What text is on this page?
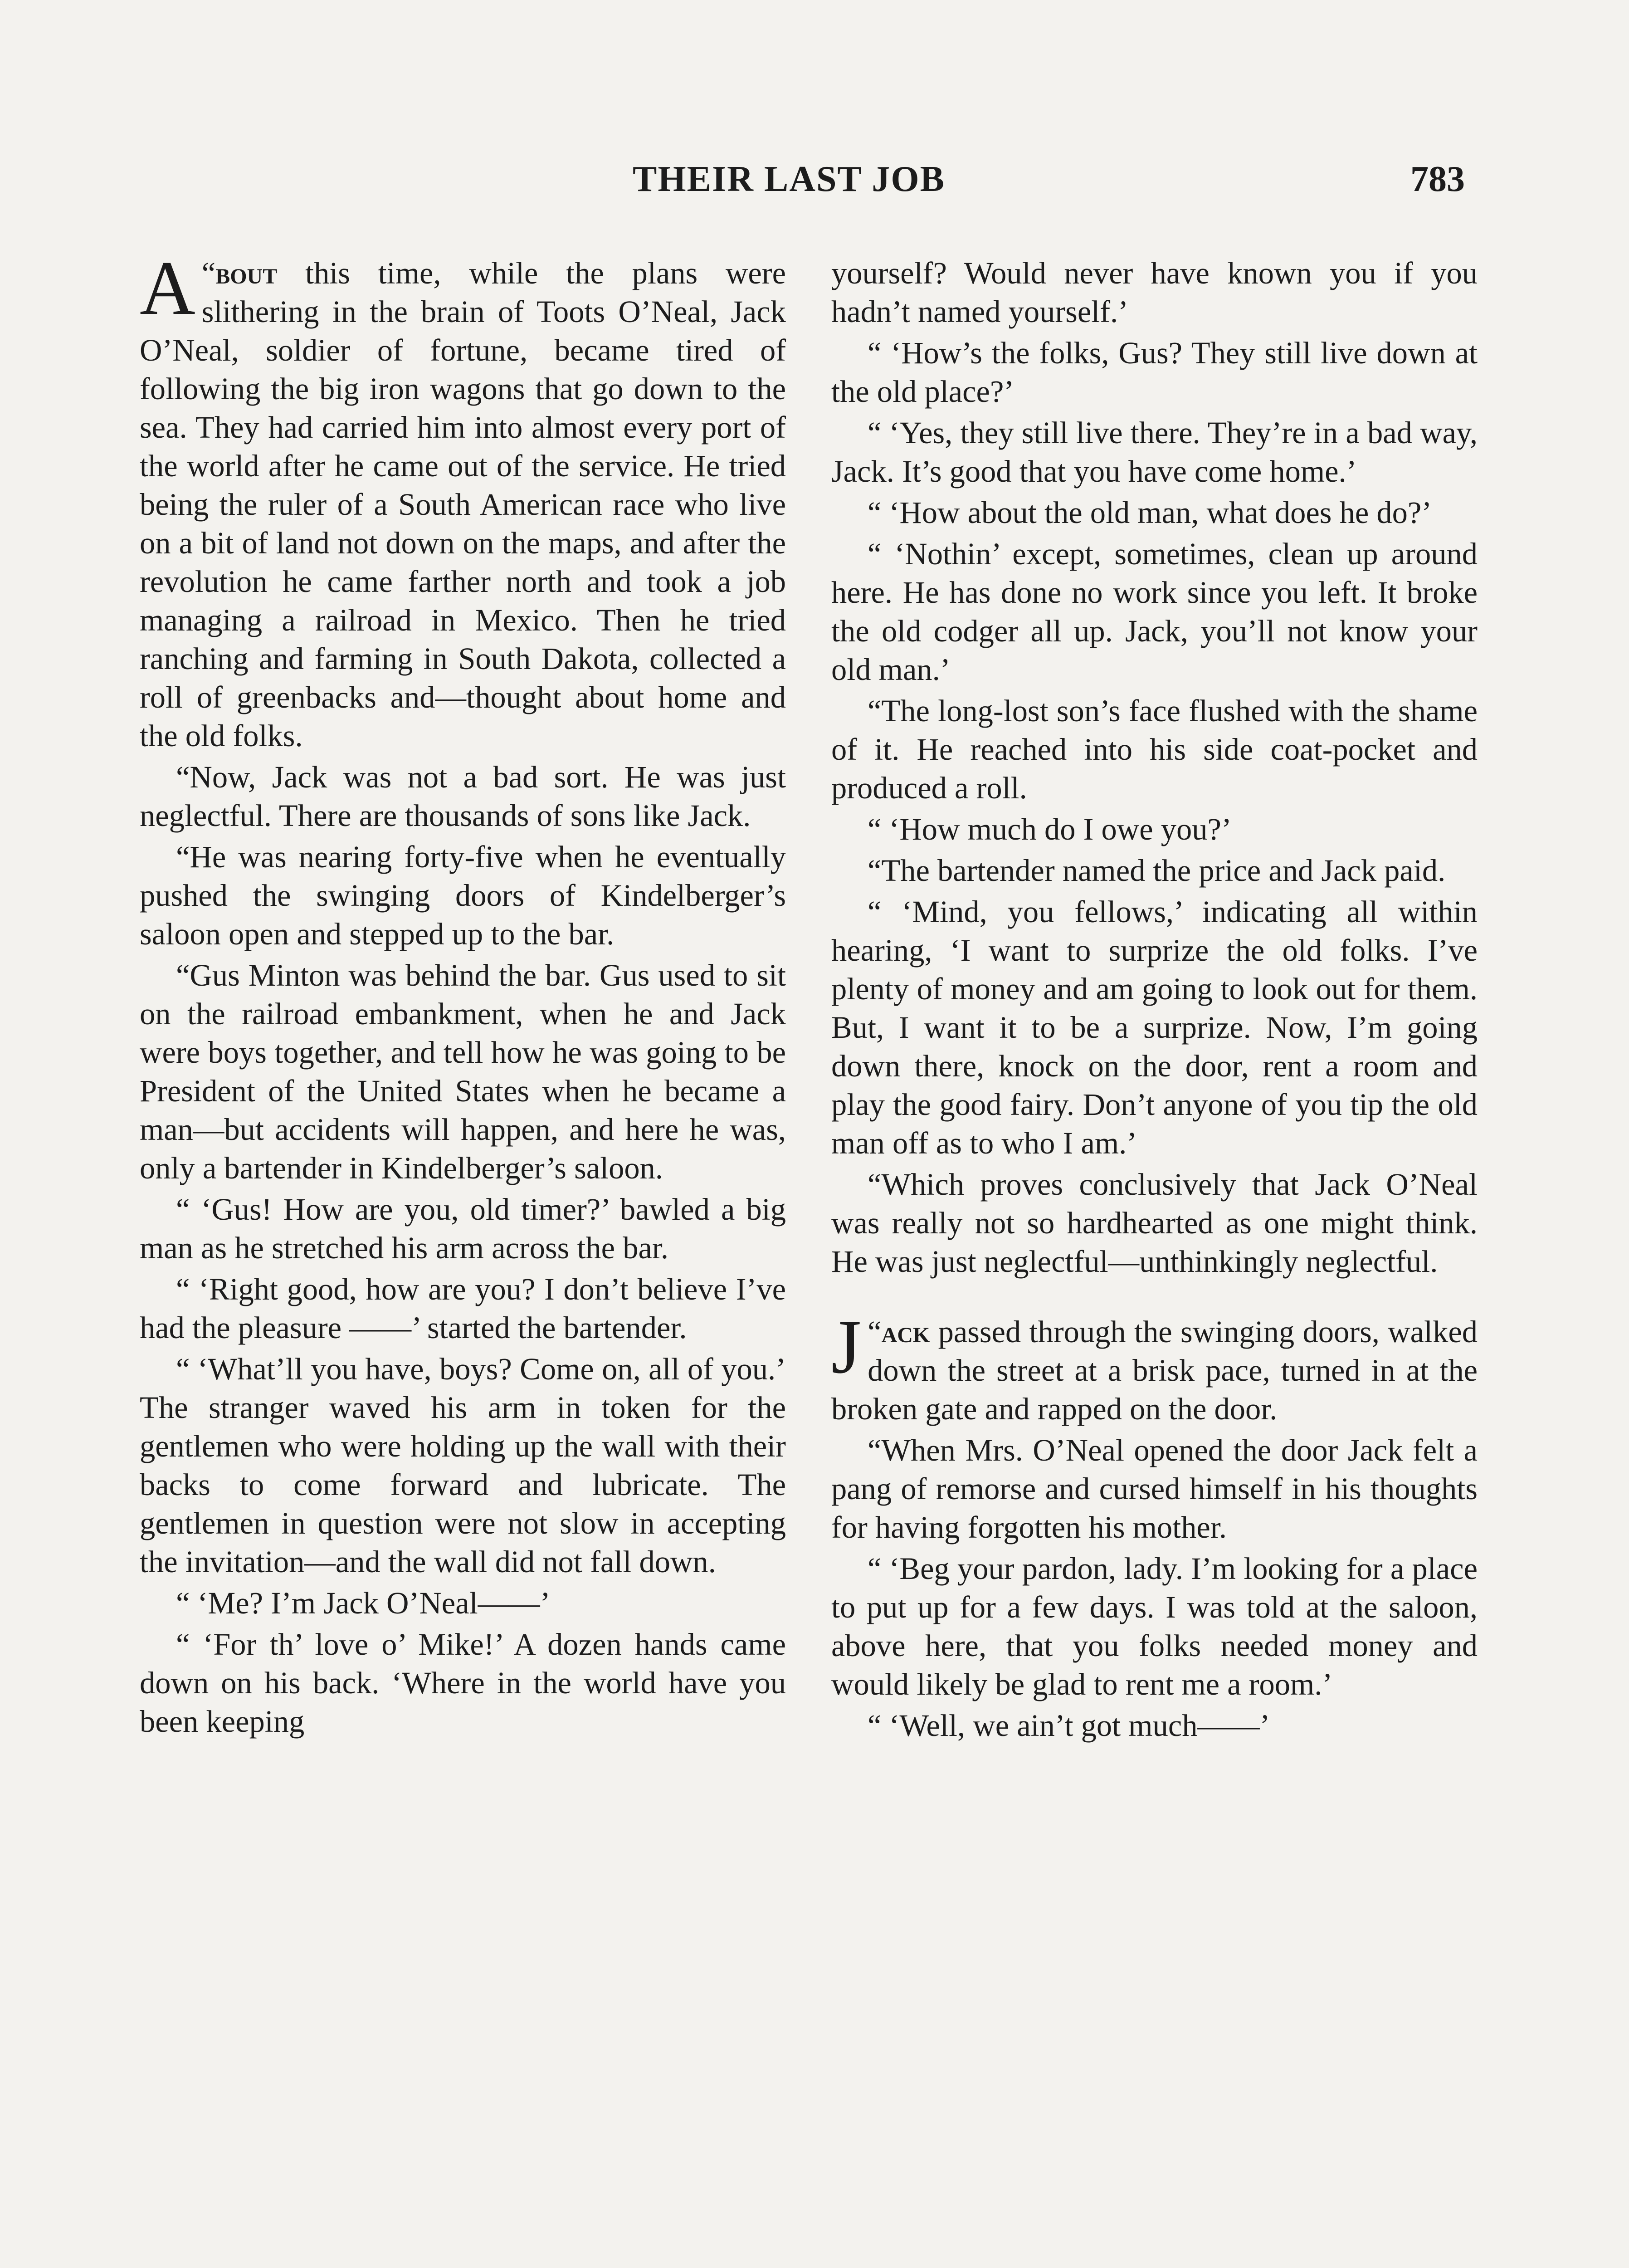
THEIR LAST JOB	783

“
A bout this time, while the plans were slithering in the brain of Toots O’Neal, Jack O’Neal, soldier of fortune, became tired of following the big iron wagons that go down to the sea. They had carried him into almost every port of the world after he came out of the service. He tried being the ruler of a South American race who live on a bit of land not down on the maps, and after the revolution he came farther north and took a job managing a railroad in Mexico. Then he tried ranching and farming in South Dakota, collected a roll of greenbacks and—thought about home and the old folks.

“Now, Jack was not a bad sort. He was just neglectful. There are thousands of sons like Jack.

“He was nearing forty-five when he eventually pushed the swinging doors of Kindelberger’s saloon open and stepped up to the bar.

“Gus Minton was behind the bar. Gus used to sit on the railroad embankment, when he and Jack were boys together, and tell how he was going to be President of the United States when he became a man—but accidents will happen, and here he was, only a bartender in Kindelberger’s saloon.

“ ‘Gus! How are you, old timer?’ bawled a big man as he stretched his arm across the bar.

“ ‘Right good, how are you? I don’t believe I’ve had the pleasure ——’ started the bartender.

“ ‘What’ll you have, boys? Come on, all of you.’ The stranger waved his arm in token for the gentlemen who were holding up the wall with their backs to come forward and lubricate. The gentlemen in question were not slow in accepting the invitation—and the wall did not fall down.

“ ‘Me? I’m Jack O’Neal——’

“ ‘For th’ love o’ Mike!’ A dozen hands came down on his back. ‘Where in the world have you been keeping

yourself? Would never have known you if you hadn’t named yourself.’

“ ‘How’s the folks, Gus? They still live down at the old place?’

“ ‘Yes, they still live there. They’re in a bad way, Jack. It’s good that you have come home.’

“ ‘How about the old man, what does he do?’

“ ‘Nothin’ except, sometimes, clean up around here. He has done no work since you left. It broke the old codger all up. Jack, you’ll not know your old man.’

“The long-lost son’s face flushed with the shame of it. He reached into his side coat-pocket and produced a roll.

“ ‘How much do I owe you?’

“The bartender named the price and Jack paid.

“ ‘Mind, you fellows,’ indicating all within hearing, ‘I want to surprize the old folks. I’ve plenty of money and am going to look out for them. But, I want it to be a surprize. Now, I’m going down there, knock on the door, rent a room and play the good fairy. Don’t anyone of you tip the old man off as to who I am.’

“Which proves conclusively that Jack O’Neal was really not so hardhearted as one might think. He was just neglectful—unthinkingly neglectful.

“
J ack passed through the swinging doors, walked down the street at a brisk pace, turned in at the broken gate and rapped on the door.

“When Mrs. O’Neal opened the door Jack felt a pang of remorse and cursed himself in his thoughts for having forgotten his mother.

“ ‘Beg your pardon, lady. I’m looking for a place to put up for a few days. I was told at the saloon, above here, that you folks needed money and would likely be glad to rent me a room.’

“ ‘Well, we ain’t got much——’
